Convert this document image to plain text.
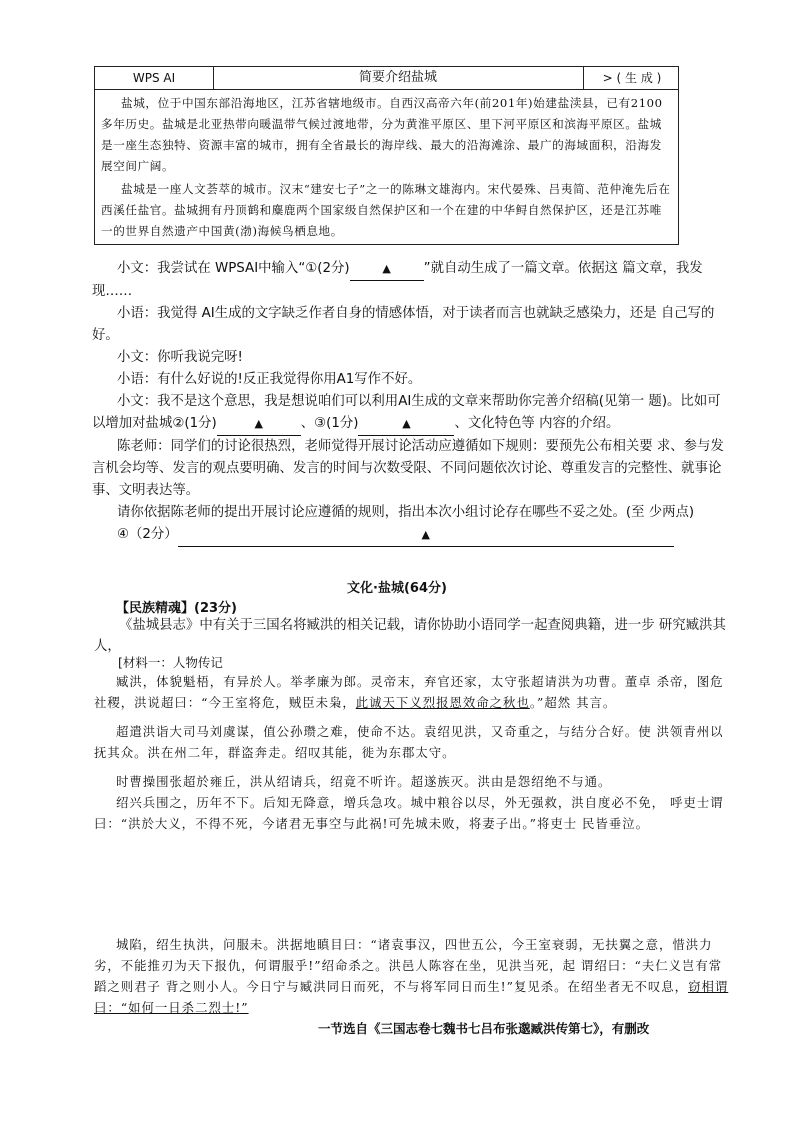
WPS AI	简要介绍盐城	> ( 生 成 )

盐城，位于中国东部沿海地区，江苏省辖地级市。自西汉高帝六年(前201年)始建盐渎县，已有2100多年历史。盐城是北亚热带向暖温带气候过渡地带，分为黄淮平原区、里下河平原区和滨海平原区。盐城是一座生态独特、资源丰富的城市，拥有全省最长的海岸线、最大的沿海滩涂、最广的海域面积，沿海发展空间广阔。

盐城是一座人文荟萃的城市。汉末“建安七子”之一的陈琳文雄海内。宋代晏殊、吕夷简、范仲淹先后在西溪任盐官。盐城拥有丹顶鹤和麋鹿两个国家级自然保护区和一个在建的中华鲟自然保护区，还是江苏唯一的世界自然遗产中国黄(渤)海候鸟栖息地。

小文：我尝试在 WPSAI中输入“①(2分)	▲ ”就自动生成了一篇文章。依据这 篇文章，我发现……

小语：我觉得 AI生成的文字缺乏作者自身的情感体悟，对于读者而言也就缺乏感染力，还是 自己写的好。

小文：你听我说完呀!

小语：有什么好说的!反正我觉得你用A1写作不好。

小文：我不是这个意思，我是想说咱们可以利用AI生成的文章来帮助你完善介绍稿(见第一 题)。比如可以增加对盐城②(1分)	▲	、③(1分)	▲	、文化特色等 内容的介绍。

陈老师：同学们的讨论很热烈，老师觉得开展讨论活动应遵循如下规则：要预先公布相关要 求、参与发言机会均等、发言的观点要明确、发言的时间与次数受限、不同问题依次讨论、尊重发言的完整性、就事论事、文明表达等。

请你依据陈老师的提出开展讨论应遵循的规则，指出本次小组讨论存在哪些不妥之处。(至 少两点)

④（2分）	▲

文化·盐城(64分)
【民族精魂】(23分)

《盐城县志》中有关于三国名将臧洪的相关记载，请你协助小语同学一起查阅典籍，进一步 研究臧洪其人，

[材料一：人物传记

臧洪，体貌魁梧，有异於人。举孝廉为郎。灵帝末，弃官还家，太守张超请洪为功曹。董卓 杀帝，图危社稷，洪说超曰：“今王室将危，贼臣未枭，此诚天下义烈报恩效命之秋也。”超然 其言。

超遣洪诣大司马刘虞谋，值公孙瓒之难，使命不达。袁绍见洪，又奇重之，与结分合好。使 洪领青州以抚其众。洪在州二年，群盗奔走。绍叹其能，徙为东郡太守。

时曹操围张超於雍丘，洪从绍请兵，绍竟不听许。超遂族灭。洪由是怨绍绝不与通。

绍兴兵围之，历年不下。后知无降意，增兵急攻。城中粮谷以尽，外无强救，洪自度必不免， 呼吏士谓曰：“洪於大义，不得不死，今诸君无事空与此祸!可先城未败，将妻子出。”将吏士 民皆垂泣。

城陷，绍生执洪，问服未。洪据地瞋目曰：“诸袁事汉，四世五公，今王室衰弱，无扶翼之意，惜洪力劣，不能推刃为天下报仇，何谓服乎!”绍命杀之。洪邑人陈容在坐，见洪当死，起 谓绍曰：“夫仁义岂有常蹈之则君子 背之则小人。今日宁与臧洪同日而死，不与将军同日而生!”复见杀。在绍坐者无不叹息，窃相谓曰：“如何一日杀二烈士!”

一节选自《三国志卷七魏书七吕布张邈臧洪传第七》，有删改
